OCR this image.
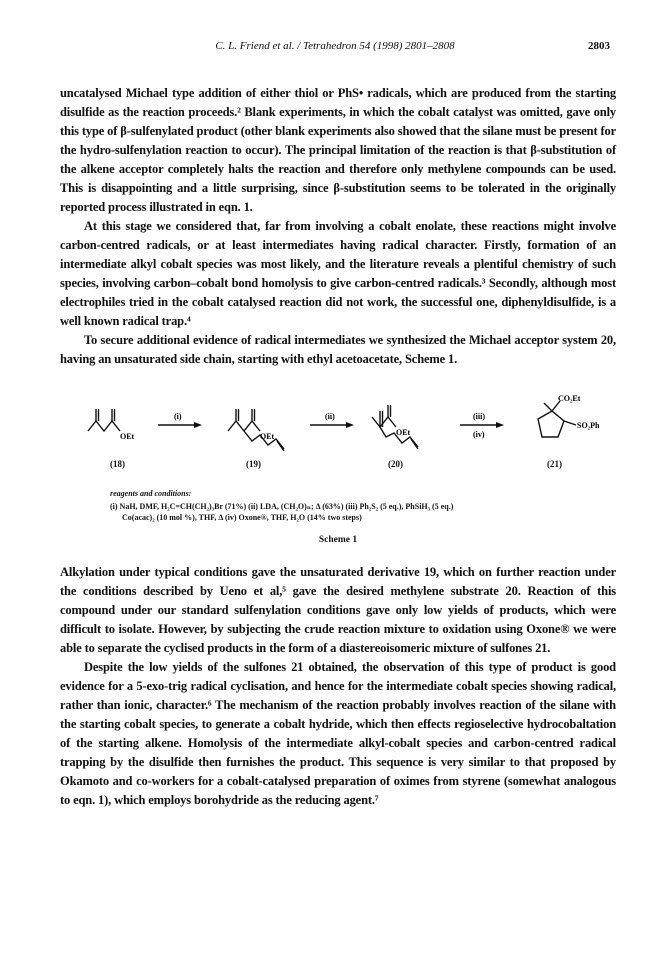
C. L. Friend et al. / Tetrahedron 54 (1998) 2801–2808	2803

uncatalysed Michael type addition of either thiol or PhS• radicals, which are produced from the starting disulfide as the reaction proceeds.² Blank experiments, in which the cobalt catalyst was omitted, gave only this type of β-sulfenylated product (other blank experiments also showed that the silane must be present for the hydro-sulfenylation reaction to occur). The principal limitation of the reaction is that β-substitution of the alkene acceptor completely halts the reaction and therefore only methylene compounds can be used. This is disappointing and a little surprising, since β-substitution seems to be tolerated in the originally reported process illustrated in eqn. 1.

At this stage we considered that, far from involving a cobalt enolate, these reactions might involve carbon-centred radicals, or at least intermediates having radical character. Firstly, formation of an intermediate alkyl cobalt species was most likely, and the literature reveals a plentiful chemistry of such species, involving carbon–cobalt bond homolysis to give carbon-centred radicals.³ Secondly, although most electrophiles tried in the cobalt catalysed reaction did not work, the successful one, diphenyldisulfide, is a well known radical trap.⁴

To secure additional evidence of radical intermediates we synthesized the Michael acceptor system 20, having an unsaturated side chain, starting with ethyl acetoacetate, Scheme 1.

OEt	OEt	OEt
CO₂Et
SO₂Ph
(i)	(ii)	(iii)
(iv)
(18)	(19)	(20)	(21)
reagents and conditions:
(i) NaH, DMF, H₂C=CH(CH₂)₃Br (71%) (ii) LDA, (CH₂O)ₙ; Δ (63%) (iii) Ph₂S₂ (5 eq.), PhSiH₃ (5 eq.)
Co(acac)₂ (10 mol %), THF, Δ (iv) Oxone®, THF, H₂O (14% two steps)
Scheme 1

Alkylation under typical conditions gave the unsaturated derivative 19, which on further reaction under the conditions described by Ueno et al,⁵ gave the desired methylene substrate 20. Reaction of this compound under our standard sulfenylation conditions gave only low yields of products, which were difficult to isolate. However, by subjecting the crude reaction mixture to oxidation using Oxone® we were able to separate the cyclised products in the form of a diastereoisomeric mixture of sulfones 21.

Despite the low yields of the sulfones 21 obtained, the observation of this type of product is good evidence for a 5-exo-trig radical cyclisation, and hence for the intermediate cobalt species showing radical, rather than ionic, character.⁶ The mechanism of the reaction probably involves reaction of the silane with the starting cobalt species, to generate a cobalt hydride, which then effects regioselective hydrocobaltation of the starting alkene. Homolysis of the intermediate alkyl-cobalt species and carbon-centred radical trapping by the disulfide then furnishes the product. This sequence is very similar to that proposed by Okamoto and co-workers for a cobalt-catalysed preparation of oximes from styrene (somewhat analogous to eqn. 1), which employs borohydride as the reducing agent.⁷
